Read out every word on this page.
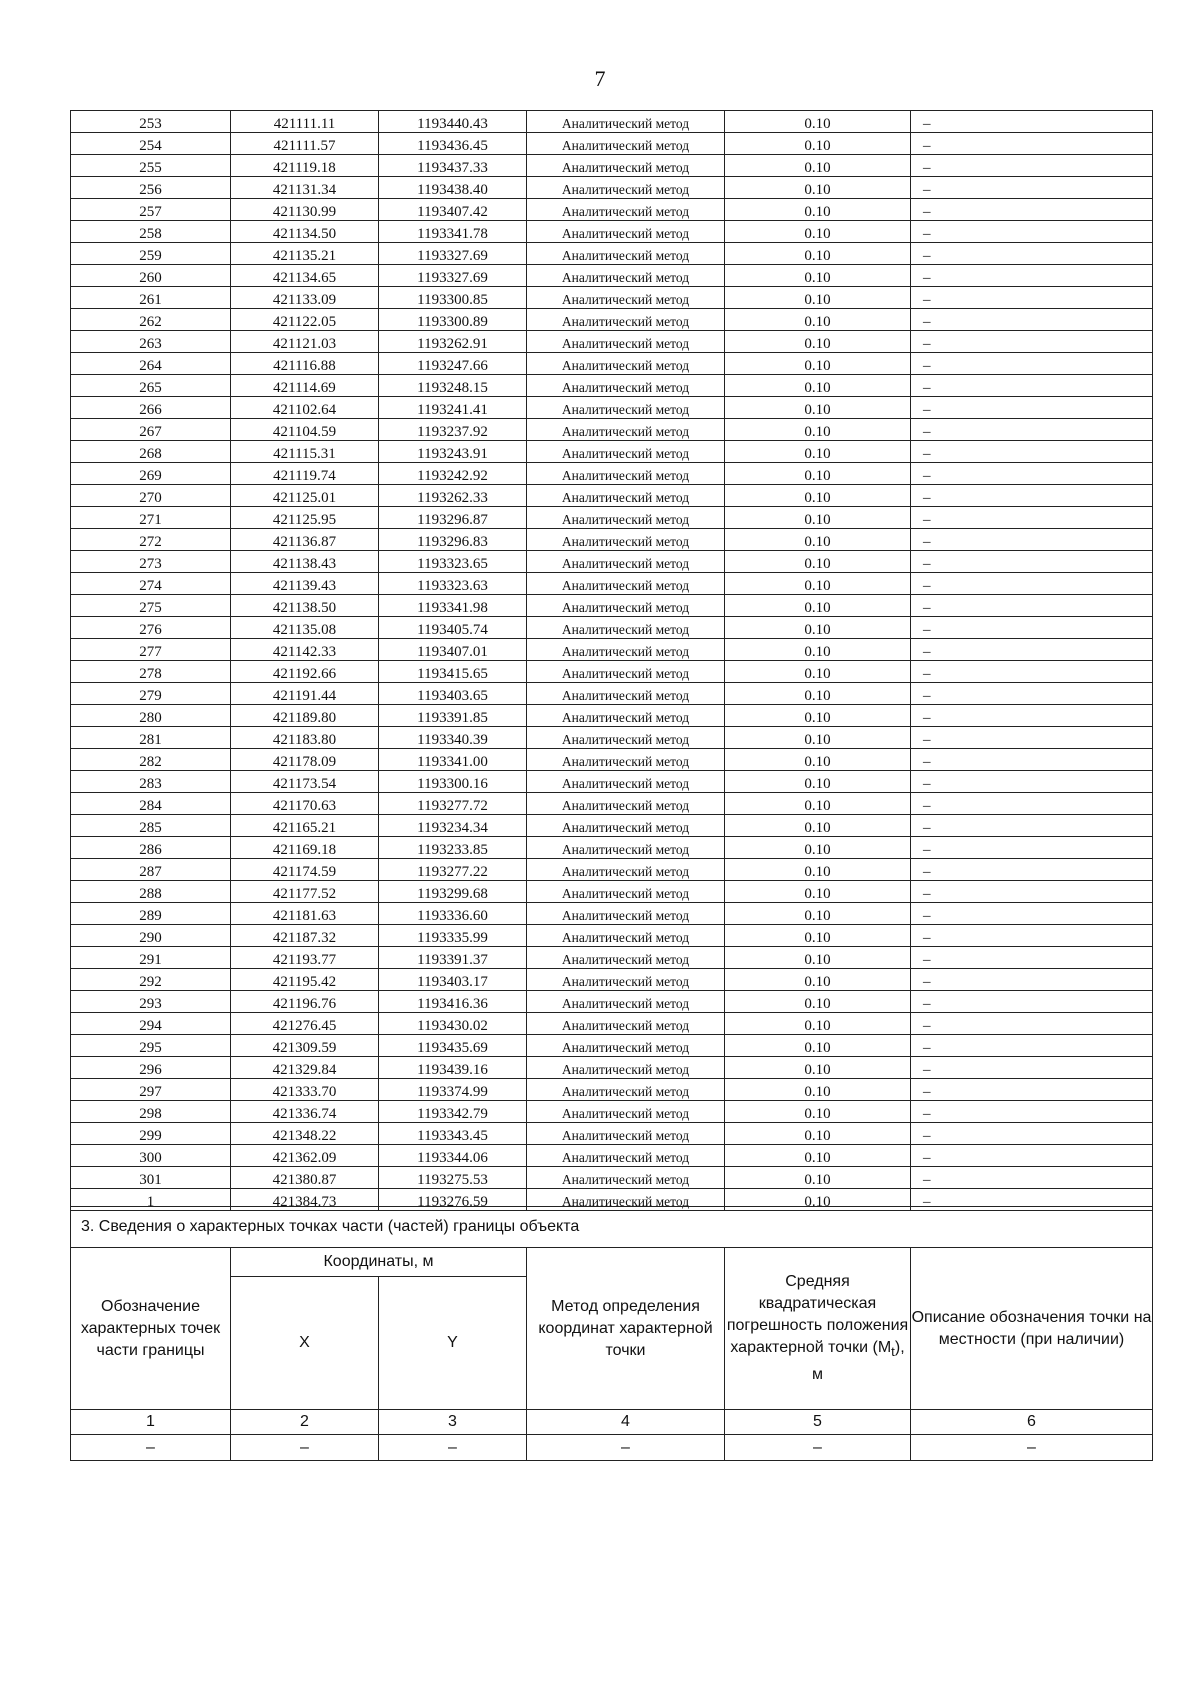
7
253	421111.11	1193440.43	Аналитический метод	0.10	–
254	421111.57	1193436.45	Аналитический метод	0.10	–
255	421119.18	1193437.33	Аналитический метод	0.10	–
256	421131.34	1193438.40	Аналитический метод	0.10	–
257	421130.99	1193407.42	Аналитический метод	0.10	–
258	421134.50	1193341.78	Аналитический метод	0.10	–
259	421135.21	1193327.69	Аналитический метод	0.10	–
260	421134.65	1193327.69	Аналитический метод	0.10	–
261	421133.09	1193300.85	Аналитический метод	0.10	–
262	421122.05	1193300.89	Аналитический метод	0.10	–
263	421121.03	1193262.91	Аналитический метод	0.10	–
264	421116.88	1193247.66	Аналитический метод	0.10	–
265	421114.69	1193248.15	Аналитический метод	0.10	–
266	421102.64	1193241.41	Аналитический метод	0.10	–
267	421104.59	1193237.92	Аналитический метод	0.10	–
268	421115.31	1193243.91	Аналитический метод	0.10	–
269	421119.74	1193242.92	Аналитический метод	0.10	–
270	421125.01	1193262.33	Аналитический метод	0.10	–
271	421125.95	1193296.87	Аналитический метод	0.10	–
272	421136.87	1193296.83	Аналитический метод	0.10	–
273	421138.43	1193323.65	Аналитический метод	0.10	–
274	421139.43	1193323.63	Аналитический метод	0.10	–
275	421138.50	1193341.98	Аналитический метод	0.10	–
276	421135.08	1193405.74	Аналитический метод	0.10	–
277	421142.33	1193407.01	Аналитический метод	0.10	–
278	421192.66	1193415.65	Аналитический метод	0.10	–
279	421191.44	1193403.65	Аналитический метод	0.10	–
280	421189.80	1193391.85	Аналитический метод	0.10	–
281	421183.80	1193340.39	Аналитический метод	0.10	–
282	421178.09	1193341.00	Аналитический метод	0.10	–
283	421173.54	1193300.16	Аналитический метод	0.10	–
284	421170.63	1193277.72	Аналитический метод	0.10	–
285	421165.21	1193234.34	Аналитический метод	0.10	–
286	421169.18	1193233.85	Аналитический метод	0.10	–
287	421174.59	1193277.22	Аналитический метод	0.10	–
288	421177.52	1193299.68	Аналитический метод	0.10	–
289	421181.63	1193336.60	Аналитический метод	0.10	–
290	421187.32	1193335.99	Аналитический метод	0.10	–
291	421193.77	1193391.37	Аналитический метод	0.10	–
292	421195.42	1193403.17	Аналитический метод	0.10	–
293	421196.76	1193416.36	Аналитический метод	0.10	–
294	421276.45	1193430.02	Аналитический метод	0.10	–
295	421309.59	1193435.69	Аналитический метод	0.10	–
296	421329.84	1193439.16	Аналитический метод	0.10	–
297	421333.70	1193374.99	Аналитический метод	0.10	–
298	421336.74	1193342.79	Аналитический метод	0.10	–
299	421348.22	1193343.45	Аналитический метод	0.10	–
300	421362.09	1193344.06	Аналитический метод	0.10	–
301	421380.87	1193275.53	Аналитический метод	0.10	–
1	421384.73	1193276.59	Аналитический метод	0.10	–
3. Сведения о характерных точках части (частей) границы объекта					
Обозначение характерных точек части границы	Координаты, м		Метод определения координат характерной точки	Средняя квадратическая погрешность положения характерной точки $(M_t)$, м	Описание обозначения точки на местности (при наличии)
	X	Y			
1	2	3	4	5	6
–	–	–	–	–	–
